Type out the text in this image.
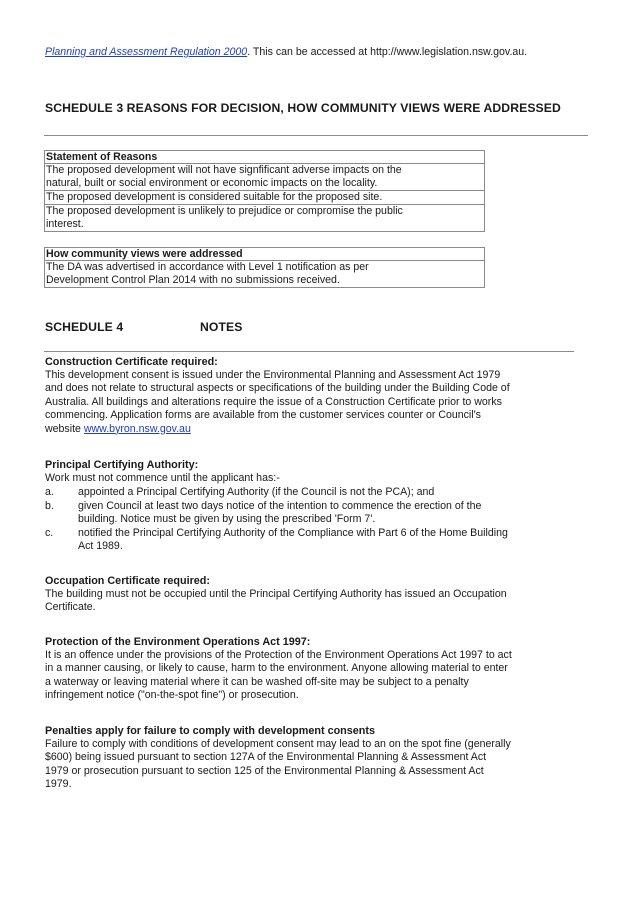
Planning and Assessment Regulation 2000. This can be accessed at http://www.legislation.nsw.gov.au.
SCHEDULE 3 REASONS FOR DECISION, HOW COMMUNITY VIEWS WERE ADDRESSED
Statement of Reasons
The proposed development will not have signfificant adverse impacts on the
natural, built or social environment or economic impacts on the locality.
The proposed development is considered suitable for the proposed site.
The proposed development is unlikely to prejudice or compromise the public
interest.
How community views were addressed
The DA was advertised in accordance with Level 1 notification as per
Development Control Plan 2014 with no submissions received.
SCHEDULE 4	NOTES
Construction Certificate required:
This development consent is issued under the Environmental Planning and Assessment Act 1979
and does not relate to structural aspects or specifications of the building under the Building Code of
Australia. All buildings and alterations require the issue of a Construction Certificate prior to works
commencing. Application forms are available from the customer services counter or Council's
website www.byron.nsw.gov.au
Principal Certifying Authority:
Work must not commence until the applicant has:-
a. appointed a Principal Certifying Authority (if the Council is not the PCA); and
b. given Council at least two days notice of the intention to commence the erection of the
building. Notice must be given by using the prescribed 'Form 7'.
c. notified the Principal Certifying Authority of the Compliance with Part 6 of the Home Building
Act 1989.
Occupation Certificate required:
The building must not be occupied until the Principal Certifying Authority has issued an Occupation
Certificate.
Protection of the Environment Operations Act 1997:
It is an offence under the provisions of the Protection of the Environment Operations Act 1997 to act
in a manner causing, or likely to cause, harm to the environment. Anyone allowing material to enter
a waterway or leaving material where it can be washed off-site may be subject to a penalty
infringement notice ("on-the-spot fine") or prosecution.
Penalties apply for failure to comply with development consents
Failure to comply with conditions of development consent may lead to an on the spot fine (generally
$600) being issued pursuant to section 127A of the Environmental Planning & Assessment Act
1979 or prosecution pursuant to section 125 of the Environmental Planning & Assessment Act
1979.
